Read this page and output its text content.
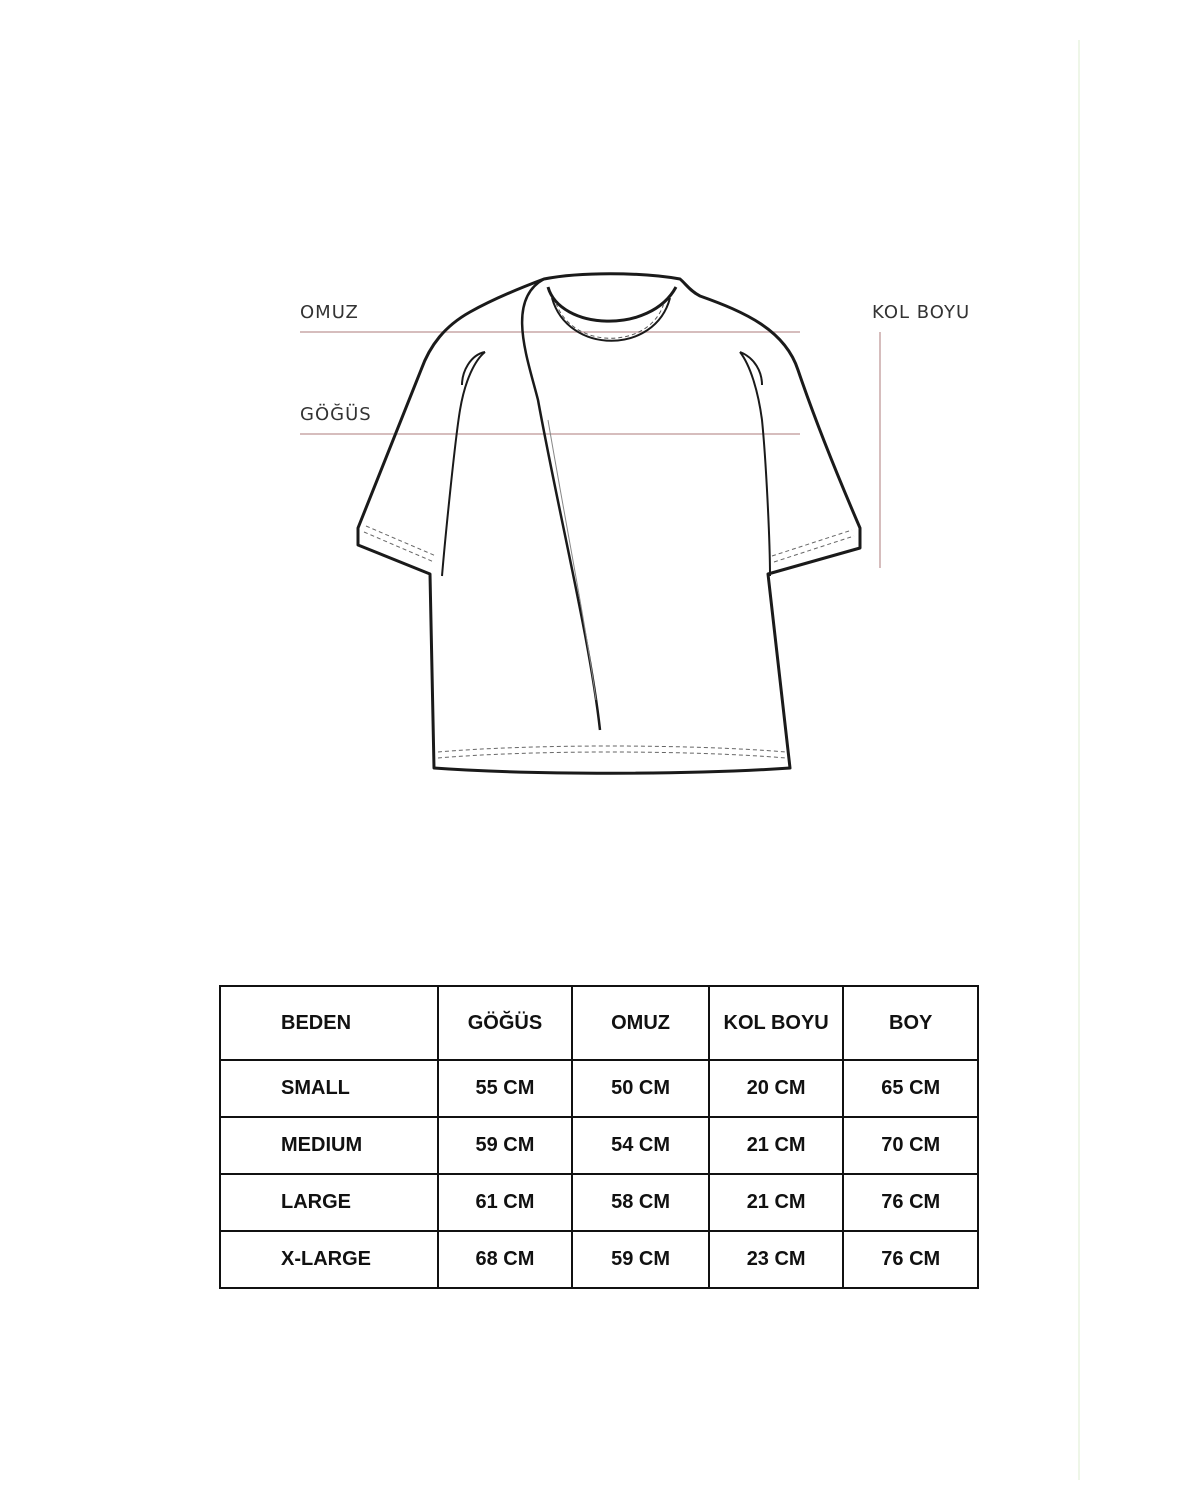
OMUZ
GÖĞÜS
KOL BOYU
BEDEN	GÖĞÜS	OMUZ	KOL BOYU	BOY
SMALL	55 CM	50 CM	20 CM	65 CM
MEDIUM	59 CM	54 CM	21 CM	70 CM
LARGE	61 CM	58 CM	21 CM	76 CM
X-LARGE	68 CM	59 CM	23 CM	76 CM
